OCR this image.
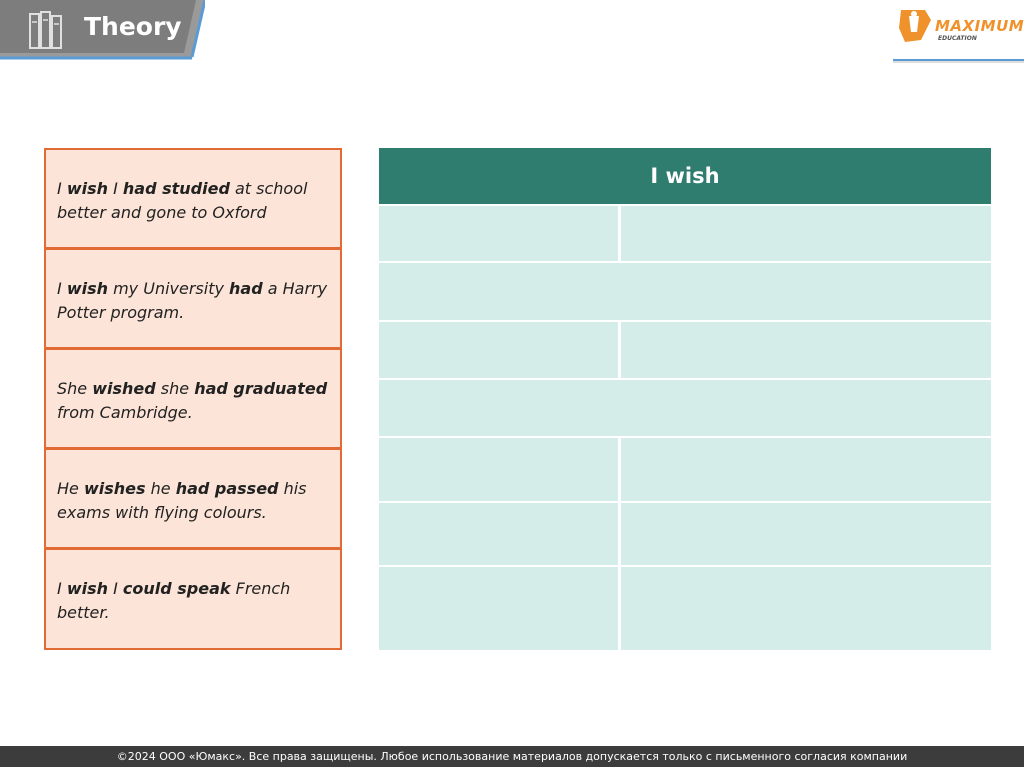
Theory	MAXIMUM
EDUCATION
I wish I had studied at school better and gone to Oxford
I wish my University had a Harry Potter program.
She wished she had graduated from Cambridge.
He wishes he had passed his exams with flying colours.
I wish I could speak French better.
I wish
©2024 ООО «Юмакс». Все права защищены. Любое использование материалов допускается только с письменного согласия компании
